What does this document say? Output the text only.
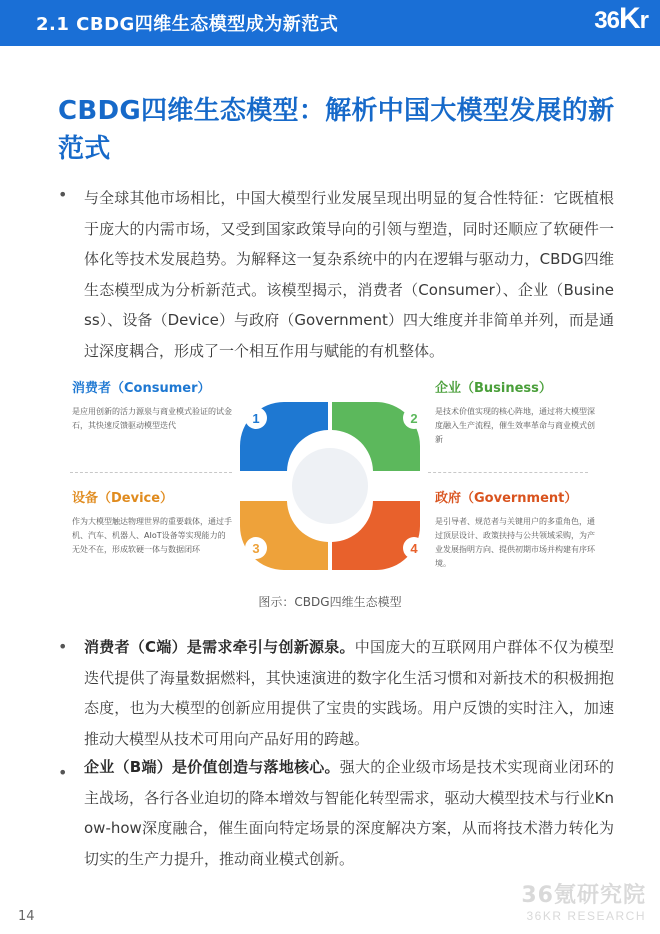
2.1 CBDG四维生态模型成为新范式	36Kr
CBDG四维生态模型：解析中国大模型发展的新范式
• 与全球其他市场相比，中国大模型行业发展呈现出明显的复合性特征：它既植根于庞大的内需市场，又受到国家政策导向的引领与塑造，同时还顺应了软硬件一体化等技术发展趋势。为解释这一复杂系统中的内在逻辑与驱动力，CBDG四维生态模型成为分析新范式。该模型揭示，消费者（Consumer）、企业（Business）、设备（Device）与政府（Government）四大维度并非简单并列，而是通过深度耦合，形成了一个相互作用与赋能的有机整体。
消费者（Consumer）
是应用创新的活力源泉与商业模式验证的试金石，其快速反馈驱动模型迭代
企业（Business）
是技术价值实现的核心阵地，通过将大模型深度融入生产流程，催生效率革命与商业模式创新
设备（Device）
作为大模型触达物理世界的重要载体，通过手机、汽车、机器人、AIoT设备等实现能力的无处不在，形成软硬一体与数据闭环
政府（Government）
是引导者、规范者与关键用户的多重角色，通过顶层设计、政策扶持与公共领域采购，为产业发展指明方向、提供初期市场并构建有序环境。
1	2
3	4
图示：CBDG四维生态模型
• 消费者（C端）是需求牵引与创新源泉。中国庞大的互联网用户群体不仅为模型迭代提供了海量数据燃料，其快速演进的数字化生活习惯和对新技术的积极拥抱态度，也为大模型的创新应用提供了宝贵的实践场。用户反馈的实时注入，加速推动大模型从技术可用向产品好用的跨越。
• 企业（B端）是价值创造与落地核心。强大的企业级市场是技术实现商业闭环的主战场，各行各业迫切的降本增效与智能化转型需求，驱动大模型技术与行业Know-how深度融合，催生面向特定场景的深度解决方案，从而将技术潜力转化为切实的生产力提升，推动商业模式创新。
14
36氪研究院
36KR RESEARCH
